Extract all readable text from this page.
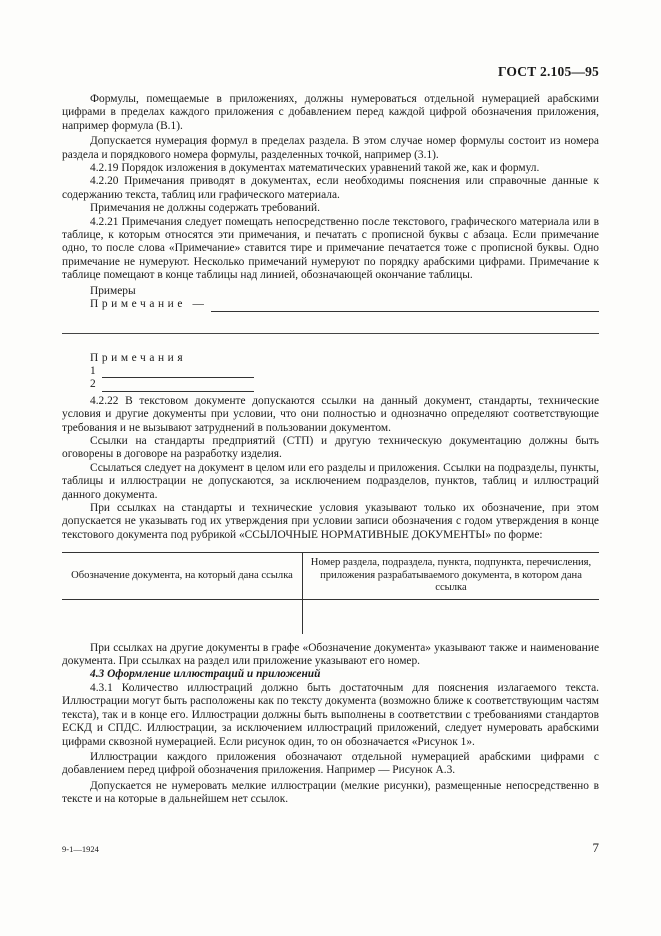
ГОСТ 2.105—95

Формулы, помещаемые в приложениях, должны нумероваться отдельной нумерацией арабскими цифрами в пределах каждого приложения с добавлением перед каждой цифрой обозначения приложения, например формула (В.1).

Допускается нумерация формул в пределах раздела. В этом случае номер формулы состоит из номера раздела и порядкового номера формулы, разделенных точкой, например (3.1).

4.2.19 Порядок изложения в документах математических уравнений такой же, как и формул.

4.2.20 Примечания приводят в документах, если необходимы пояснения или справочные данные к содержанию текста, таблиц или графического материала.

Примечания не должны содержать требований.

4.2.21 Примечания следует помещать непосредственно после текстового, графического материала или в таблице, к которым относятся эти примечания, и печатать с прописной буквы с абзаца. Если примечание одно, то после слова «Примечание» ставится тире и примечание печатается тоже с прописной буквы. Одно примечание не нумеруют. Несколько примечаний нумеруют по порядку арабскими цифрами. Примечание к таблице помещают в конце таблицы над линией, обозначающей окончание таблицы.

Примеры

Примечание —
Примечания
1
2

4.2.22 В текстовом документе допускаются ссылки на данный документ, стандарты, технические условия и другие документы при условии, что они полностью и однозначно определяют соответствующие требования и не вызывают затруднений в пользовании документом.

Ссылки на стандарты предприятий (СТП) и другую техническую документацию должны быть оговорены в договоре на разработку изделия.

Ссылаться следует на документ в целом или его разделы и приложения. Ссылки на подразделы, пункты, таблицы и иллюстрации не допускаются, за исключением подразделов, пунктов, таблиц и иллюстраций данного документа.

При ссылках на стандарты и технические условия указывают только их обозначение, при этом допускается не указывать год их утверждения при условии записи обозначения с годом утверждения в конце текстового документа под рубрикой «ССЫЛОЧНЫЕ НОРМАТИВНЫЕ ДОКУМЕНТЫ» по форме:

Обозначение документа, на который дана ссылка	Номер раздела, подраздела, пункта, подпункта, перечисления, приложения разрабатываемого документа, в котором дана ссылка

При ссылках на другие документы в графе «Обозначение документа» указывают также и наименование документа. При ссылках на раздел или приложение указывают его номер.

4.3 Оформление иллюстраций и приложений

4.3.1 Количество иллюстраций должно быть достаточным для пояснения излагаемого текста. Иллюстрации могут быть расположены как по тексту документа (возможно ближе к соответствующим частям текста), так и в конце его. Иллюстрации должны быть выполнены в соответствии с требованиями стандартов ЕСКД и СПДС. Иллюстрации, за исключением иллюстраций приложений, следует нумеровать арабскими цифрами сквозной нумерацией. Если рисунок один, то он обозначается «Рисунок 1».

Иллюстрации каждого приложения обозначают отдельной нумерацией арабскими цифрами с добавлением перед цифрой обозначения приложения. Например — Рисунок А.3.

Допускается не нумеровать мелкие иллюстрации (мелкие рисунки), размещенные непосредственно в тексте и на которые в дальнейшем нет ссылок.

9-1—1924	7
